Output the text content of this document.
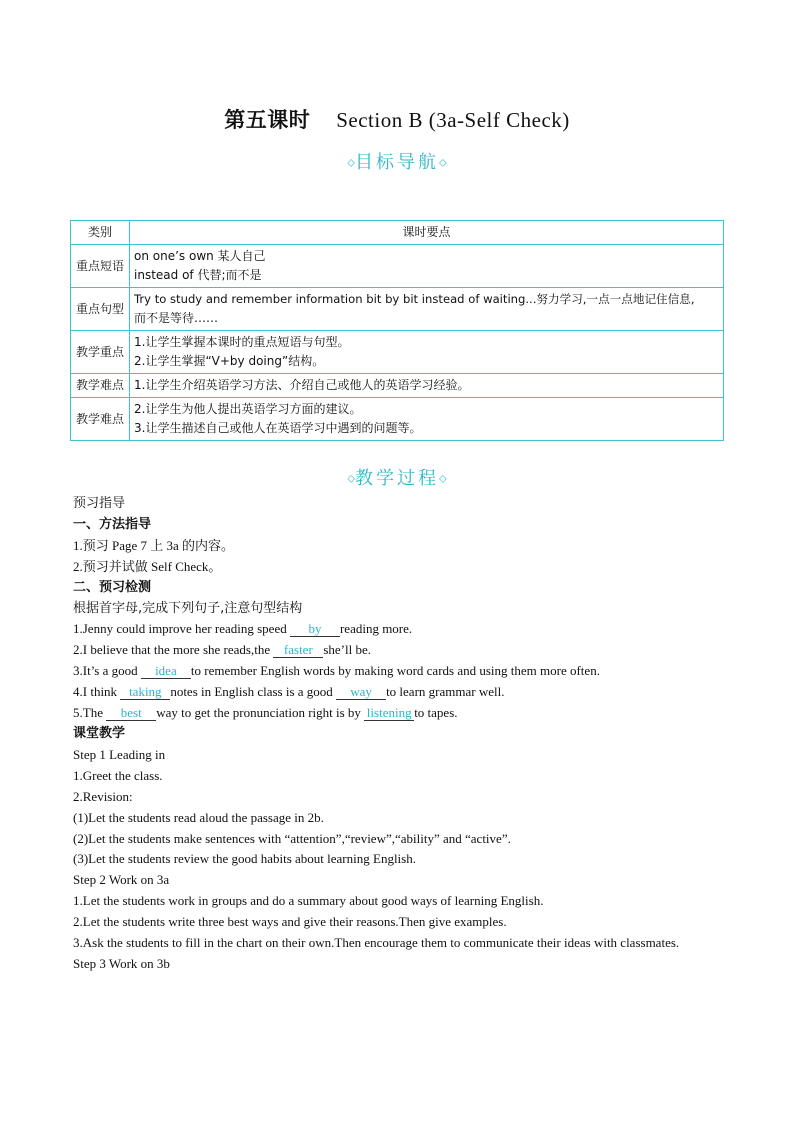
第五课时 Section B (3a-Self Check)
◇目标导航◇
类别	课时要点
重点短语	on one’s own 某人自己
instead of 代替;而不是

重点句型	Try to study and remember information bit by bit instead of waiting...努力学习,一点一点地记住信息,
而不是等待……

教学重点	1.让学生掌握本课时的重点短语与句型。
2.让学生掌握“V+by doing”结构。

教学难点	1.让学生介绍英语学习方法、介绍自己或他人的英语学习经验。

教学难点	2.让学生为他人提出英语学习方面的建议。
3.让学生描述自己或他人在英语学习中遇到的问题等。
◇教学过程◇
预习指导
一、方法指导
1.预习 Page 7 上 3a 的内容。
2.预习并试做 Self Check。
二、预习检测
根据首字母,完成下列句子,注意句型结构
1.Jenny could improve her reading speed by reading more.
2.I believe that the more she reads,the faster she’ll be.
3.It’s a good idea to remember English words by making word cards and using them more often.
4.I think taking notes in English class is a good way to learn grammar well.
5.The best way to get the pronunciation right is by listening to tapes.
课堂教学
Step 1 Leading in
1.Greet the class.
2.Revision:
(1)Let the students read aloud the passage in 2b.
(2)Let the students make sentences with “attention”,“review”,“ability” and “active”.
(3)Let the students review the good habits about learning English.
Step 2 Work on 3a
1.Let the students work in groups and do a summary about good ways of learning English.
2.Let the students write three best ways and give their reasons.Then give examples.
3.Ask the students to fill in the chart on their own.Then encourage them to communicate their ideas with classmates.
Step 3 Work on 3b
